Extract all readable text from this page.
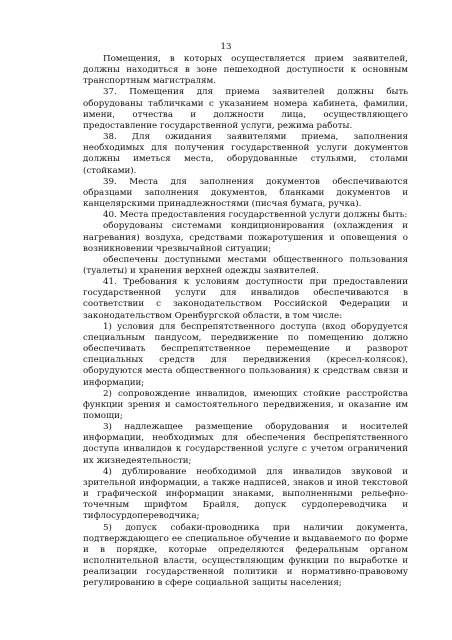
13

Помещения, в которых осуществляется прием заявителей, должны находиться в зоне пешеходной доступности к основным транспортным магистралям.

37. Помещения для приема заявителей должны быть оборудованы табличками с указанием номера кабинета, фамилии, имени, отчества и должности лица, осуществляющего предоставление государственной услуги, режима работы.

38. Для ожидания заявителями приема, заполнения необходимых для получения государственной услуги документов должны иметься места, оборудованные стульями, столами (стойками).

39. Места для заполнения документов обеспечиваются образцами заполнения документов, бланками документов и канцелярскими принадлежностями (писчая бумага, ручка).

40. Места предоставления государственной услуги должны быть:

оборудованы системами кондиционирования (охлаждения и нагревания) воздуха, средствами пожаротушения и оповещения о возникновении чрезвычайной ситуации;

обеспечены доступными местами общественного пользования (туалеты) и хранения верхней одежды заявителей.

41. Требования к условиям доступности при предоставлении государственной услуги для инвалидов обеспечиваются в соответствии с законодательством Российской Федерации и законодательством Оренбургской области, в том числе:

1) условия для беспрепятственного доступа (вход оборудуется специальным пандусом, передвижение по помещению должно обеспечивать беспрепятственное перемещение и разворот специальных средств для передвижения (кресел-колясок), оборудуются места общественного пользования) к средствам связи и информации;

2) сопровождение инвалидов, имеющих стойкие расстройства функции зрения и самостоятельного передвижения, и оказание им помощи;

3) надлежащее размещение оборудования и носителей информации, необходимых для обеспечения беспрепятственного доступа инвалидов к государственной услуге с учетом ограничений их жизнедеятельности;

4) дублирование необходимой для инвалидов звуковой и зрительной информации, а также надписей, знаков и иной текстовой и графической информации знаками, выполненными рельефно-точечным шрифтом Брайля, допуск сурдопереводчика и тифлосурдопереводчика;

5) допуск собаки-проводника при наличии документа, подтверждающего ее специальное обучение и выдаваемого по форме и в порядке, которые определяются федеральным органом исполнительной власти, осуществляющим функции по выработке и реализации государственной политики и нормативно-правовому регулированию в сфере социальной защиты населения;
